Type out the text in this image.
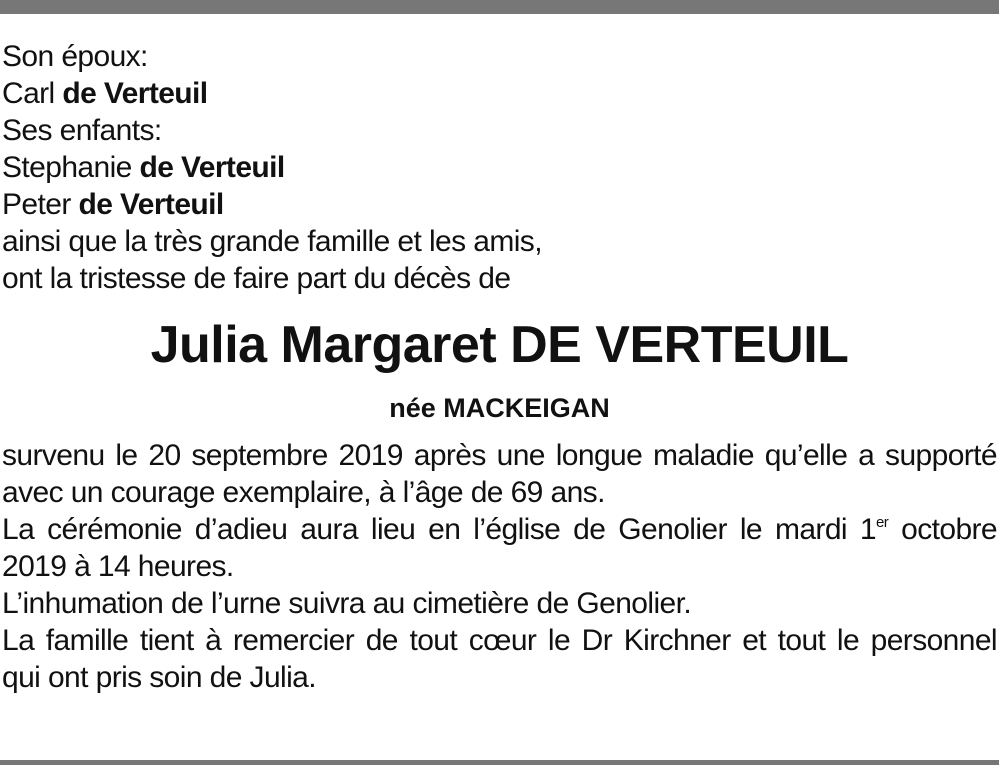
Son époux:
Carl de Verteuil
Ses enfants:
Stephanie de Verteuil
Peter de Verteuil
ainsi que la très grande famille et les amis,
ont la tristesse de faire part du décès de
Julia Margaret DE VERTEUIL
née MACKEIGAN
survenu le 20 septembre 2019 après une longue maladie qu’elle a supporté
avec un courage exemplaire, à l’âge de 69 ans.
La cérémonie d’adieu aura lieu en l’église de Genolier le mardi 1er octobre
2019 à 14 heures.
L’inhumation de l’urne suivra au cimetière de Genolier.
La famille tient à remercier de tout cœur le Dr Kirchner et tout le personnel
qui ont pris soin de Julia.
